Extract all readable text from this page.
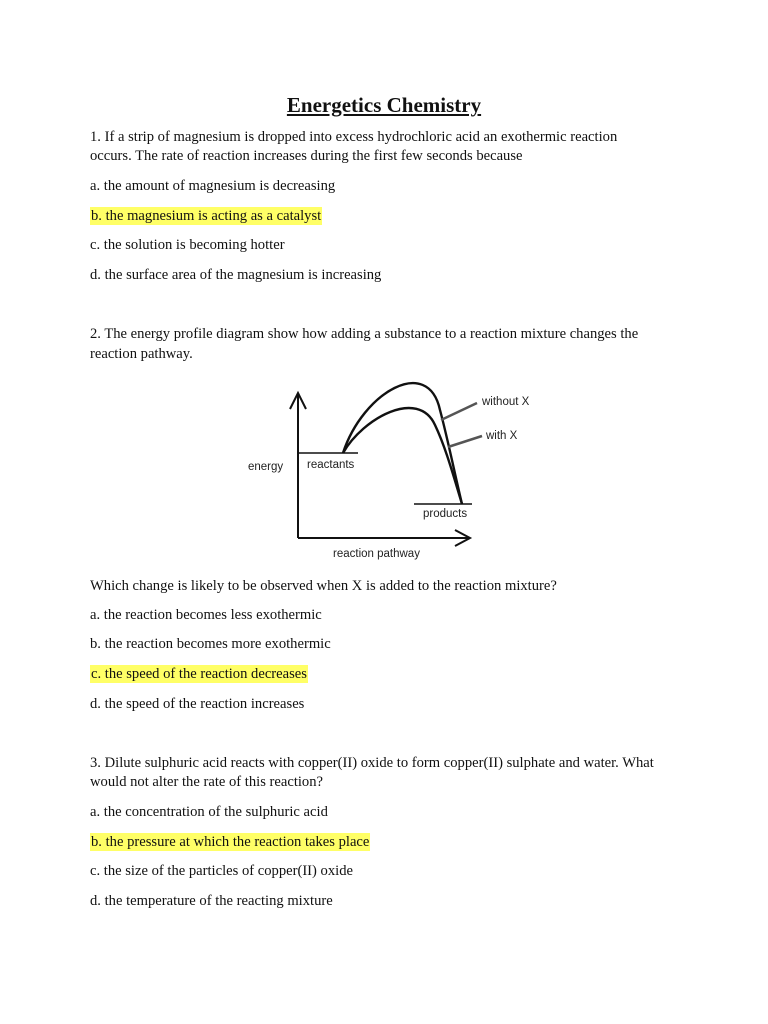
Energetics Chemistry
1. If a strip of magnesium is dropped into excess hydrochloric acid an exothermic reaction
occurs. The rate of reaction increases during the first few seconds because
a. the amount of magnesium is decreasing
b. the magnesium is acting as a catalyst
c. the solution is becoming hotter
d. the surface area of the magnesium is increasing
2. The energy profile diagram show how adding a substance to a reaction mixture changes the
reaction pathway.
without X
with X
energy reactants
products
reaction pathway
Which change is likely to be observed when X is added to the reaction mixture?
a. the reaction becomes less exothermic
b. the reaction becomes more exothermic
c. the speed of the reaction decreases
d. the speed of the reaction increases
3. Dilute sulphuric acid reacts with copper(II) oxide to form copper(II) sulphate and water. What
would not alter the rate of this reaction?
a. the concentration of the sulphuric acid
b. the pressure at which the reaction takes place
c. the size of the particles of copper(II) oxide
d. the temperature of the reacting mixture
